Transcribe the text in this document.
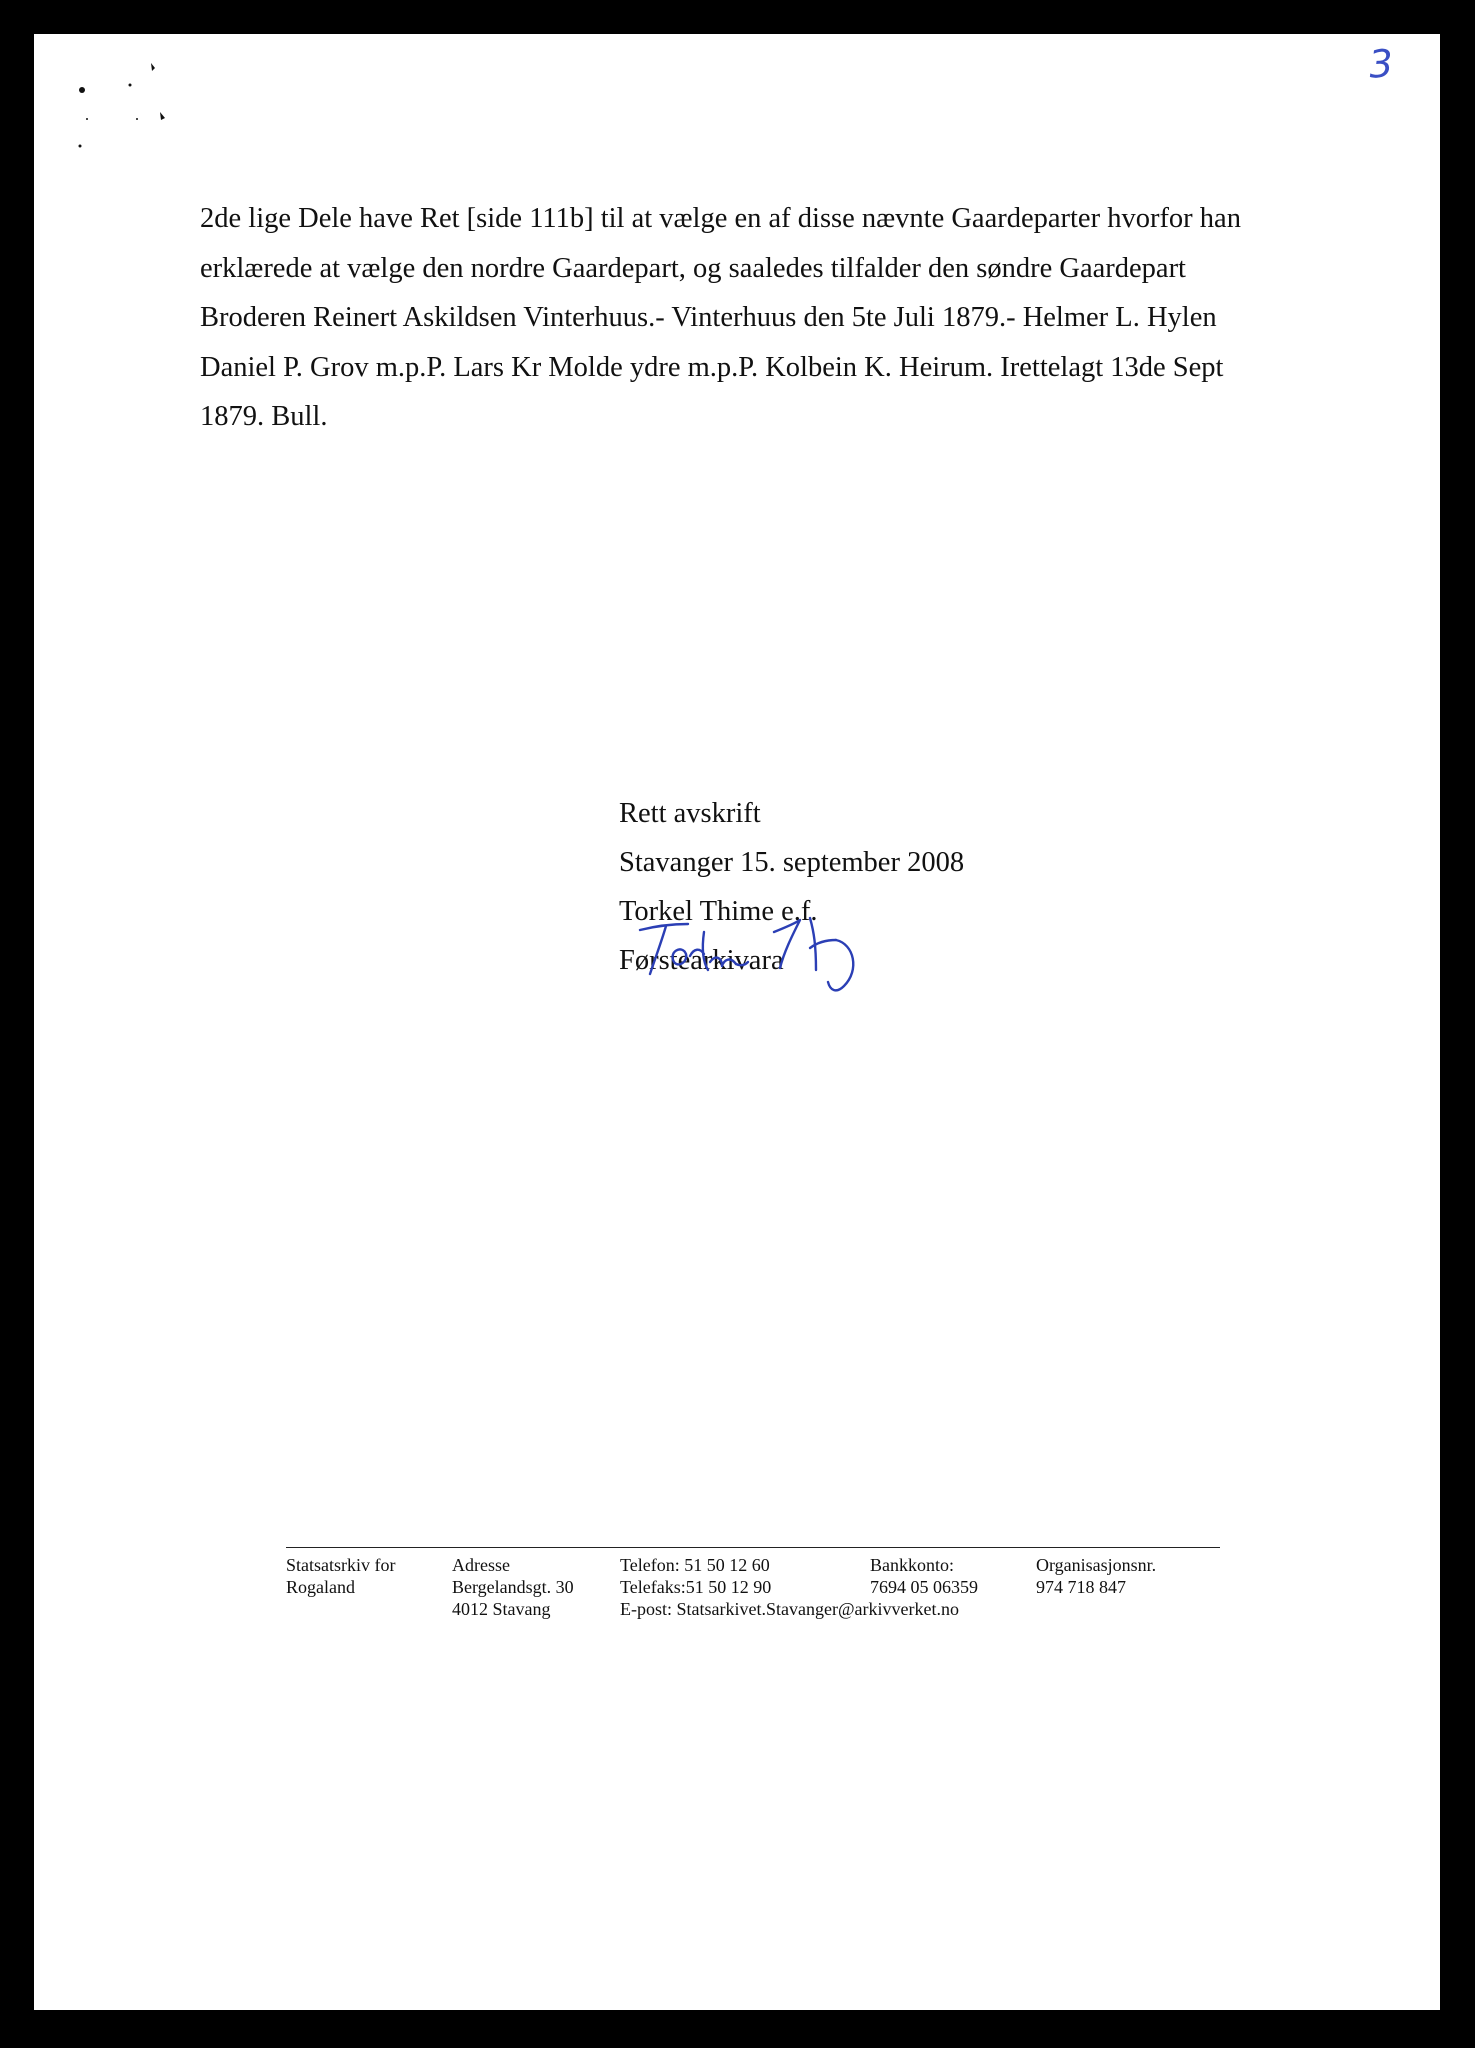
3
2de lige Dele have Ret [side 111b] til at vælge en af disse nævnte Gaardeparter hvorfor han
erklærede at vælge den nordre Gaardepart, og saaledes tilfalder den søndre Gaardepart
Broderen Reinert Askildsen Vinterhuus.- Vinterhuus den 5te Juli 1879.- Helmer L. Hylen
Daniel P. Grov m.p.P. Lars Kr Molde ydre m.p.P. Kolbein K. Heirum. Irettelagt 13de Sept
1879. Bull.
Rett avskrift
Stavanger 15. september 2008
Torkel Thime e.f.
Førstearkivara
Statsatsrkiv for
Rogaland
Adresse
Bergelandsgt. 30
4012 Stavang
Telefon: 51 50 12 60
Telefaks:51 50 12 90
E-post: Statsarkivet.Stavanger@arkivverket.no
Bankkonto:
7694 05 06359
Organisasjonsnr.
974 718 847
